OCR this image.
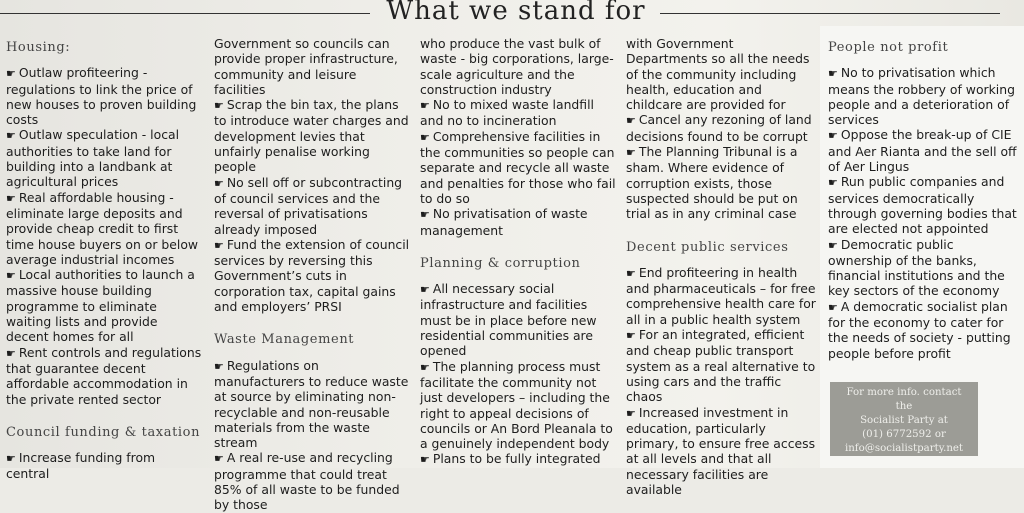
What we stand for
Housing:

☛ Outlaw profiteering - regulations to link the price of new houses to proven building costs

☛ Outlaw speculation - local authorities to take land for building into a landbank at agricultural prices

☛ Real affordable housing - eliminate large deposits and provide cheap credit to first time house buyers on or below average industrial incomes

☛ Local authorities to launch a massive house building programme to eliminate waiting lists and provide decent homes for all

☛ Rent controls and regulations that guarantee decent affordable accommodation in the private rented sector

Council funding & taxation

☛ Increase funding from central

Government so councils can provide proper infrastructure, community and leisure facilities

☛ Scrap the bin tax, the plans to introduce water charges and development levies that unfairly penalise working people

☛ No sell off or subcontracting of council services and the reversal of privatisations already imposed

☛ Fund the extension of council services by reversing this Government’s cuts in corporation tax, capital gains and employers’ PRSI

Waste Management

☛ Regulations on manufacturers to reduce waste at source by eliminating non-recyclable and non-reusable materials from the waste stream

☛ A real re-use and recycling programme that could treat 85% of all waste to be funded by those

who produce the vast bulk of waste - big corporations, large-scale agriculture and the construction industry

☛ No to mixed waste landfill and no to incineration

☛ Comprehensive facilities in the communities so people can separate and recycle all waste and penalties for those who fail to do so

☛ No privatisation of waste management

Planning & corruption

☛ All necessary social infrastructure and facilities must be in place before new residential communities are opened

☛ The planning process must facilitate the community not just developers – including the right to appeal decisions of councils or An Bord Pleanala to a genuinely independent body

☛ Plans to be fully integrated

with Government Departments so all the needs of the community including health, education and childcare are provided for

☛ Cancel any rezoning of land decisions found to be corrupt

☛ The Planning Tribunal is a sham. Where evidence of corruption exists, those suspected should be put on trial as in any criminal case

Decent public services

☛ End profiteering in health and pharmaceuticals – for free comprehensive health care for all in a public health system

☛ For an integrated, efficient and cheap public transport system as a real alternative to using cars and the traffic chaos

☛ Increased investment in education, particularly primary, to ensure free access at all levels and that all necessary facilities are available

People not profit

☛ No to privatisation which means the robbery of working people and a deterioration of services

☛ Oppose the break-up of CIE and Aer Rianta and the sell off of Aer Lingus

☛ Run public companies and services democratically through governing bodies that are elected not appointed

☛ Democratic public ownership of the banks, financial institutions and the key sectors of the economy

☛ A democratic socialist plan for the economy to cater for the needs of society - putting people before profit

For more info. contact the
Socialist Party at
(01) 6772592 or
info@socialistparty.net
